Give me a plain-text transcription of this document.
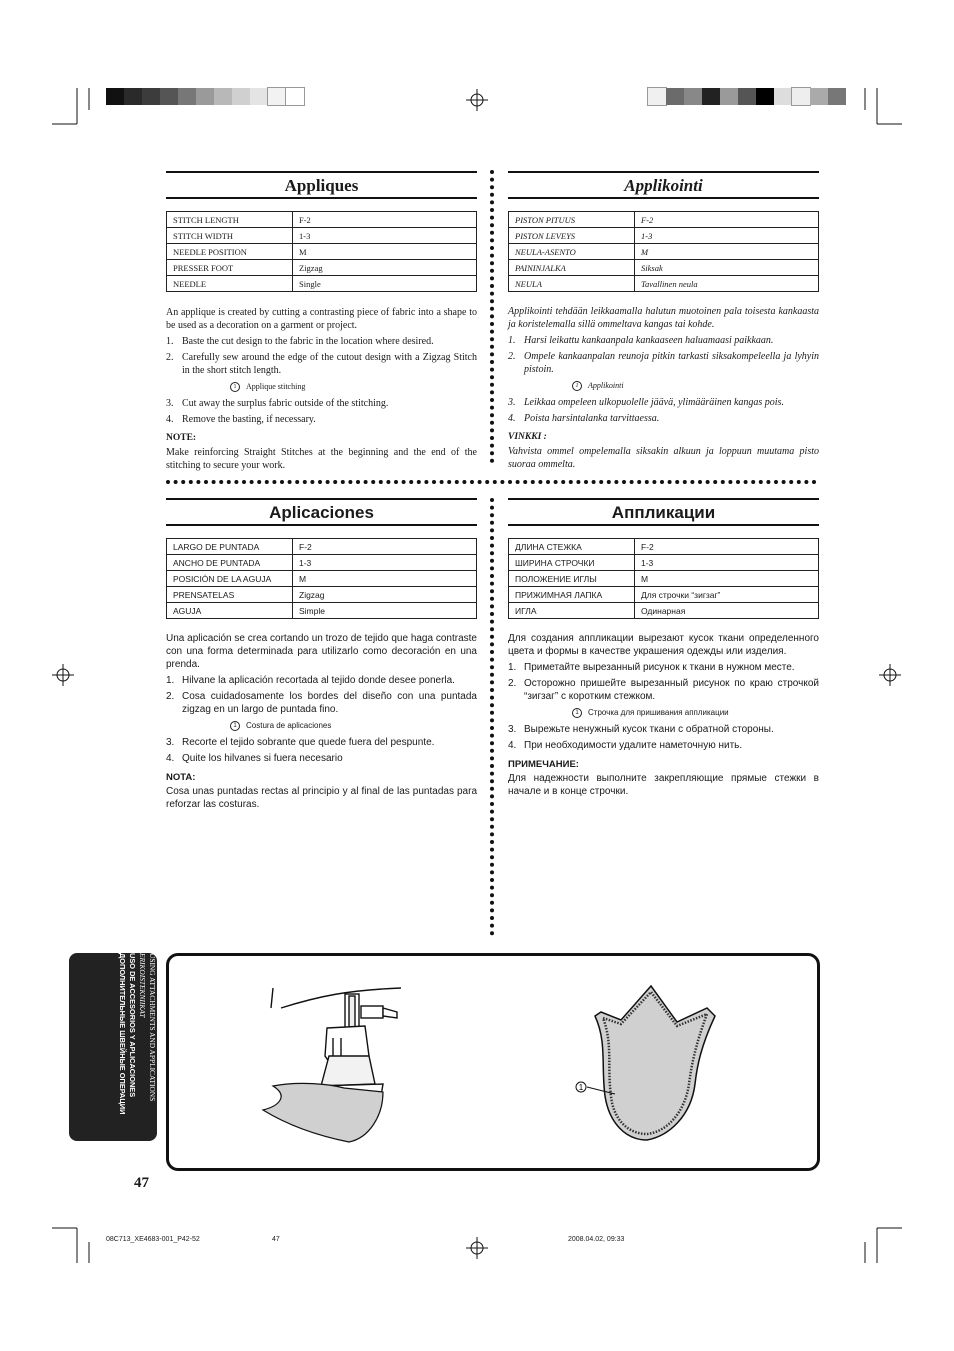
Appliques
STITCH LENGTH	F-2
STITCH WIDTH	1-3
NEEDLE POSITION	M
PRESSER FOOT	Zigzag
NEEDLE	Single

An applique is created by cutting a contrasting piece of fabric into a shape to be used as a decoration on a garment or project.

1. Baste the cut design to the fabric in the location where desired.
2. Carefully sew around the edge of the cutout design with a Zigzag Stitch in the short stitch length.
1 Applique stitching
3. Cut away the surplus fabric outside of the stitching.
4. Remove the basting, if necessary.
NOTE:

Make reinforcing Straight Stitches at the beginning and the end of the stitching to secure your work.

Applikointi
PISTON PITUUS	F-2
PISTON LEVEYS	1-3
NEULA-ASENTO	M
PAININJALKA	Siksak
NEULA	Tavallinen neula

Applikointi tehdään leikkaamalla halutun muotoinen pala toisesta kankaasta ja koristelemalla sillä ommeltava kangas tai kohde.

1. Harsi leikattu kankaanpala kankaaseen haluamaasi paikkaan.
2. Ompele kankaanpalan reunoja pitkin tarkasti siksakompeleella ja lyhyin pistoin.
1 Applikointi
3. Leikkaa ompeleen ulkopuolelle jäävä, ylimääräinen kangas pois.
4. Poista harsintalanka tarvittaessa.
VINKKI :

Vahvista ommel ompelemalla siksakin alkuun ja loppuun muutama pisto suoraa ommelta.

Aplicaciones
LARGO DE PUNTADA	F-2
ANCHO DE PUNTADA	1-3
POSICIÓN DE LA AGUJA	M
PRENSATELAS	Zigzag
AGUJA	Simple

Una aplicación se crea cortando un trozo de tejido que haga contraste con una forma determinada para utilizarlo como decoración en una prenda.

1. Hilvane la aplicación recortada al tejido donde desee ponerla.
2. Cosa cuidadosamente los bordes del diseño con una puntada zigzag en un largo de puntada fino.
1 Costura de aplicaciones
3. Recorte el tejido sobrante que quede fuera del pespunte.
4. Quite los hilvanes si fuera necesario
NOTA:

Cosa unas puntadas rectas al principio y al final de las puntadas para reforzar las costuras.

Аппликации
ДЛИНА СТЕЖКА	F-2
ШИРИНА СТРОЧКИ	1-3
ПОЛОЖЕНИЕ ИГЛЫ	M
ПРИЖИМНАЯ ЛАПКА	Для строчки “зигзаг”
ИГЛА	Одинарная

Для создания аппликации вырезают кусок ткани определенного цвета и формы в качестве украшения одежды или изделия.

1. Приметайте вырезанный рисунок к ткани в нужном месте.
2. Осторожно пришейте вырезанный рисунок по краю строчкой “зигзаг” с коротким стежком.
1 Строчка для пришивания аппликации
3. Вырежьте ненужный кусок ткани с обратной стороны.
4. При необходимости удалите наметочную нить.
ПРИМЕЧАНИЕ:

Для надежности выполните закрепляющие прямые стежки в начале и в конце строчки.

USING ATTACHMENTS AND APPLICATIONS
ERIKOISTEKNIIKAT
USO DE ACCESORIOS Y APLICACIONES
ДОПОЛНИТЕЛЬНЫЕ ШВЕЙНЫЕ ОПЕРАЦИИ	1
47
08C713_XE4683-001_P42-52	47	2008.04.02, 09:33
